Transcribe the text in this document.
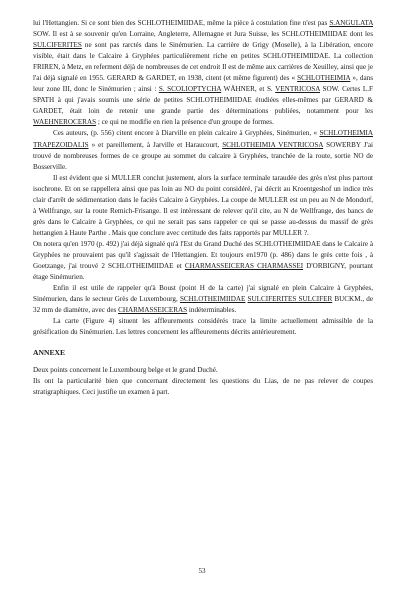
lui l'Hettangien. Si ce sont bien des SCHLOTHEIMIIDAE, même la pièce à costulation fine n'est pas S.ANGULATA SOW. Il est à se souvenir qu'en Lorraine, Angleterre, Allemagne et Jura Suisse, les SCHLOTHEIMIIDAE dont les SULCIFERITES ne sont pas rarctés dans le Sinémurien. La carrière de Grigy (Moselle), à la Libération, encore visible, était dans le Calcaire à Gryphées particulièrement riche en petites SCHLOTHEIMIIDAE. La collection FRIREN, à Metz, en referment déjà de nombreuses de cet endroit Il est de même aux carrières de Xeuilley, ainsi que je l'ai déjà signalé en 1955. GERARD & GARDET, en 1938, citent (et même figurent) des « SCHLOTHEIMIA », dans leur zone III, donc le Sinémurien ; ainsi : S. SCOLIOPTYCHA WÄHNER, et S. VENTRICOSA SOW. Certes L.F SPATH à qui j'avais soumis une série de petites SCHLOTHEIMIIDAE étudiées elles-mêmes par GERARD & GARDET, était loin de retenir une grande partie des déterminations publiées, notamment pour les WAEHNEROCERAS ; ce qui ne modifie en rien la présence d'un groupe de formes.

Ces auteurs, (p. 556) citent encore à Diarville en plein calcaire à Gryphées, Sinémurien, « SCHLOTHEIMIA TRAPEZOIDALIS » et pareillement, à Jarville et Haraucourt, SCHLOTHEIMIA VENTRICOSA SOWERBY J'ai trouvé de nombreuses formes de ce groupe au sommet du calcaire à Gryphées, tranchée de la route, sortie NO de Bosserville.

Il est évident que si MULLER conclut justement, alors la surface terminale taraudée des grès n'est plus partout isochrone. Et on se rappellera ainsi que pas loin au NO du point considéré, j'ai décrit au Kroentgeshof un indice très clair d'arrêt de sédimentation dans le faciès Calcaire à Gryphées. La coupe de MULLER est un peu au N de Mondorf, à Wellfrange, sur la route Remich-Frisange. Il est intéressant de relever qu'il cite, au N de Wellfrange, des bancs de grès dans le Calcaire à Gryphées, ce qui ne serait pas sans rappeler ce qui se passe au-dessus du massif de grès hettangien à Haute Parthe . Mais que conclure avec certitude des faits rapportés par MULLER ?.

On notera qu'en 1970 (p. 492) j'ai déjà signalé qu'à l'Est du Grand Duché des SCHLOTHEIMIIDAE dans le Calcaire à Gryphées ne prouvaient pas qu'il s'agissait de l'Hettangien. Et toujours en1970 (p. 486) dans le grès cette fois , à Goetzange, j'ai trouvé 2 SCHLOTHEIMIIDAE et CHARMASSEICERAS CHARMASSEI D'ORBIGNY, pourtant étage Sinémurien.

Enfin il est utile de rappeler qu'à Boust (point H de la carte) j'ai signalé en plein Calcaire à Gryphées, Sinémurien, dans le secteur Grès de Luxembourg, SCHLOTHEIMIIDAE SULCIFERITES SULCIFER BUCKM., de 32 mm de diamètre, avec des CHARMASSEICERAS indéterminables.

La carte (Figure 4) situent les affleurements considérés trace la limite actuellement admissible de la grésification du Sinémurien. Les lettres concernent les affleurements décrits antérieurement.

ANNEXE

Deux points concernent le Luxembourg belge et le grand Duché.

Ils ont la particularité bien que concernant directement les questions du Lias, de ne pas relever de coupes stratigraphiques. Ceci justifie un examen à part.

53
